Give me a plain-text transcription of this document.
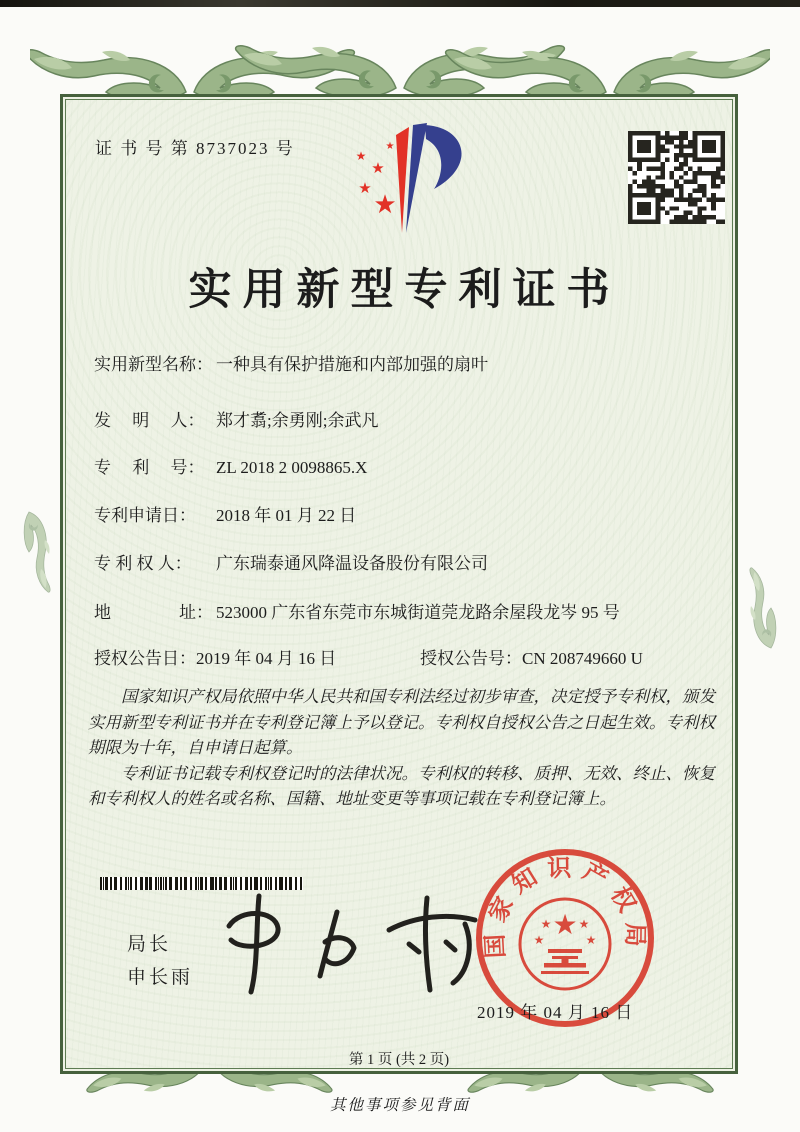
证 书 号 第 8737023 号
★
★
★
★
★
实用新型专利证书
实用新型名称： 一种具有保护措施和内部加强的扇叶
发　 明 　人： 郑才翥;余勇刚;余武凡
专　 利 　号： ZL 2018 2 0098865.X
专利申请日： 2018 年 01 月 22 日
专 利 权 人： 广东瑞泰通风降温设备股份有限公司
地　　　　址： 523000 广东省东莞市东城街道莞龙路余屋段龙岑 95 号
授权公告日：2019 年 04 月 16 日	授权公告号：CN 208749660 U

国家知识产权局依照中华人民共和国专利法经过初步审查，决定授予专利权，颁发实用新型专利证书并在专利登记簿上予以登记。专利权自授权公告之日起生效。专利权期限为十年，自申请日起算。

专利证书记载专利权登记时的法律状况。专利权的转移、质押、无效、终止、恢复和专利权人的姓名或名称、国籍、地址变更等事项记载在专利登记簿上。

局长
申长雨
国家知识产权局
★
★ ★
★	★
2019 年 04 月 16 日
第 1 页 (共 2 页)
其他事项参见背面
